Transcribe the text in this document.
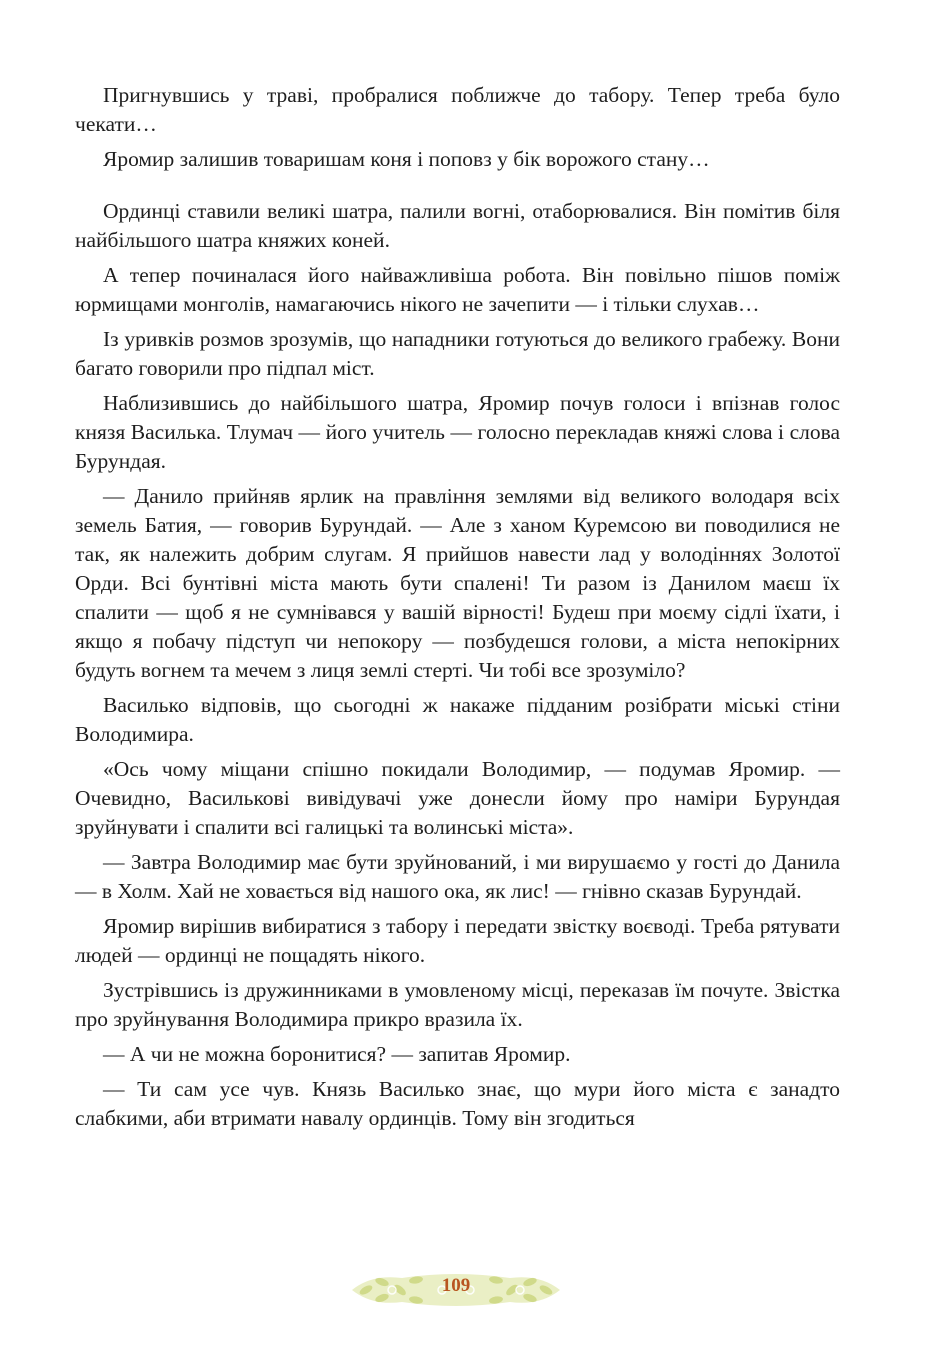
Пригнувшись у траві, пробралися поближче до табору. Тепер треба було чекати…

Яромир залишив товаришам коня і поповз у бік ворожого стану…

Ординці ставили великі шатра, палили вогні, отаборювалися. Він помітив біля найбільшого шатра княжих коней.

А тепер починалася його найважливіша робота. Він повільно пішов поміж юрмищами монголів, намагаючись нікого не зачепити — і тільки слухав…

Із уривків розмов зрозумів, що нападники готуються до великого грабежу. Вони багато говорили про підпал міст.

Наблизившись до найбільшого шатра, Яромир почув голоси і впізнав голос князя Василька. Тлумач — його учитель — голосно перекладав княжі слова і слова Бурундая.

— Данило прийняв ярлик на правління землями від великого володаря всіх земель Батия, — говорив Бурундай. — Але з ханом Куремсою ви поводилися не так, як належить добрим слугам. Я прийшов навести лад у володіннях Золотої Орди. Всі бунтівні міста мають бути спалені! Ти разом із Данилом маєш їх спалити — щоб я не сумнівався у вашій вірності! Будеш при моєму сідлі їхати, і якщо я побачу підступ чи непокору — позбудешся голови, а міста непокірних будуть вогнем та мечем з лиця землі стерті. Чи тобі все зрозуміло?

Василько відповів, що сьогодні ж накаже підданим розібрати міські стіни Володимира.

«Ось чому міщани спішно покидали Володимир, — подумав Яромир. — Очевидно, Васильковi вивідувачі уже донесли йому про наміри Бурундая зруйнувати і спалити всі галицькі та волинські міста».

— Завтра Володимир має бути зруйнований, і ми вирушаємо у гості до Данила — в Холм. Хай не ховається від нашого ока, як лис! — гнівно сказав Бурундай.

Яромир вирішив вибиратися з табору і передати звістку воєводі. Треба рятувати людей — ординці не пощадять нікого.

Зустрівшись із дружинниками в умовленому місці, переказав їм почуте. Звістка про зруйнування Володимира прикро вразила їх.

— А чи не можна боронитися? — запитав Яромир.

— Ти сам усе чув. Князь Василько знає, що мури його міста є занадто слабкими, аби втримати навалу ординців. Тому він згодиться

109
